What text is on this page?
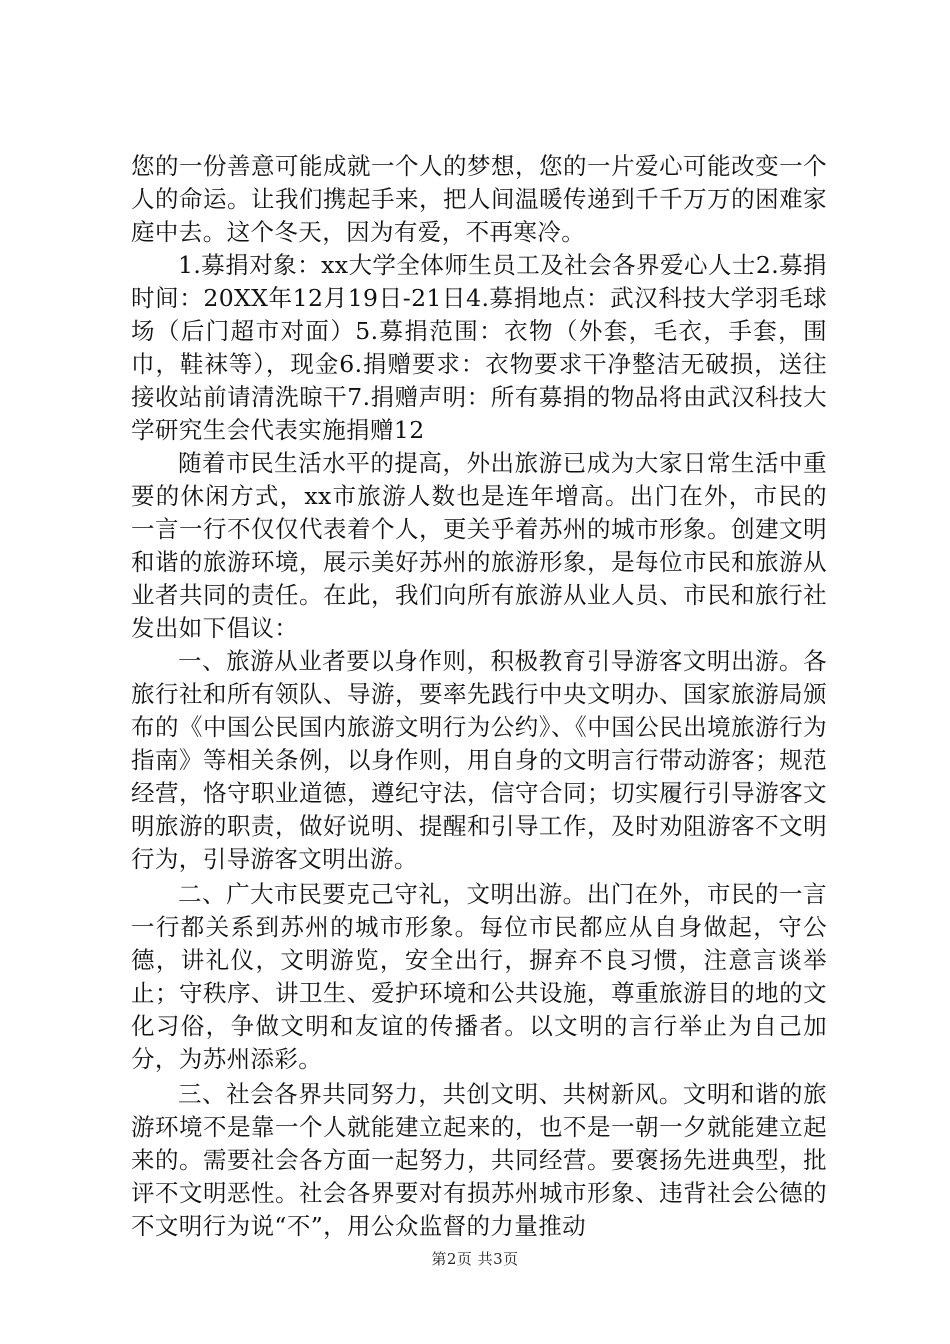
您的一份善意可能成就一个人的梦想，您的一片爱心可能改变一个人的命运。让我们携起手来，把人间温暖传递到千千万万的困难家庭中去。这个冬天，因为有爱，不再寒冷。

1.募捐对象：xx大学全体师生员工及社会各界爱心人士2.募捐时间：20XX年12月19日-21日4.募捐地点：武汉科技大学羽毛球场（后门超市对面）5.募捐范围：衣物（外套，毛衣，手套，围巾，鞋袜等），现金6.捐赠要求：衣物要求干净整洁无破损，送往接收站前请清洗晾干7.捐赠声明：所有募捐的物品将由武汉科技大学研究生会代表实施捐赠12

随着市民生活水平的提高，外出旅游已成为大家日常生活中重要的休闲方式，xx市旅游人数也是连年增高。出门在外，市民的一言一行不仅仅代表着个人，更关乎着苏州的城市形象。创建文明和谐的旅游环境，展示美好苏州的旅游形象，是每位市民和旅游从业者共同的责任。在此，我们向所有旅游从业人员、市民和旅行社发出如下倡议：

一、旅游从业者要以身作则，积极教育引导游客文明出游。各旅行社和所有领队、导游，要率先践行中央文明办、国家旅游局颁布的《中国公民国内旅游文明行为公约》、《中国公民出境旅游行为指南》等相关条例，以身作则，用自身的文明言行带动游客；规范经营，恪守职业道德，遵纪守法，信守合同；切实履行引导游客文明旅游的职责，做好说明、提醒和引导工作，及时劝阻游客不文明行为，引导游客文明出游。

二、广大市民要克己守礼，文明出游。出门在外，市民的一言一行都关系到苏州的城市形象。每位市民都应从自身做起，守公德，讲礼仪，文明游览，安全出行，摒弃不良习惯，注意言谈举止；守秩序、讲卫生、爱护环境和公共设施，尊重旅游目的地的文化习俗，争做文明和友谊的传播者。以文明的言行举止为自己加分，为苏州添彩。

三、社会各界共同努力，共创文明、共树新风。文明和谐的旅游环境不是靠一个人就能建立起来的，也不是一朝一夕就能建立起来的。需要社会各方面一起努力，共同经营。要褒扬先进典型，批评不文明恶性。社会各界要对有损苏州城市形象、违背社会公德的不文明行为说“不”，用公众监督的力量推动

第2页 共3页
